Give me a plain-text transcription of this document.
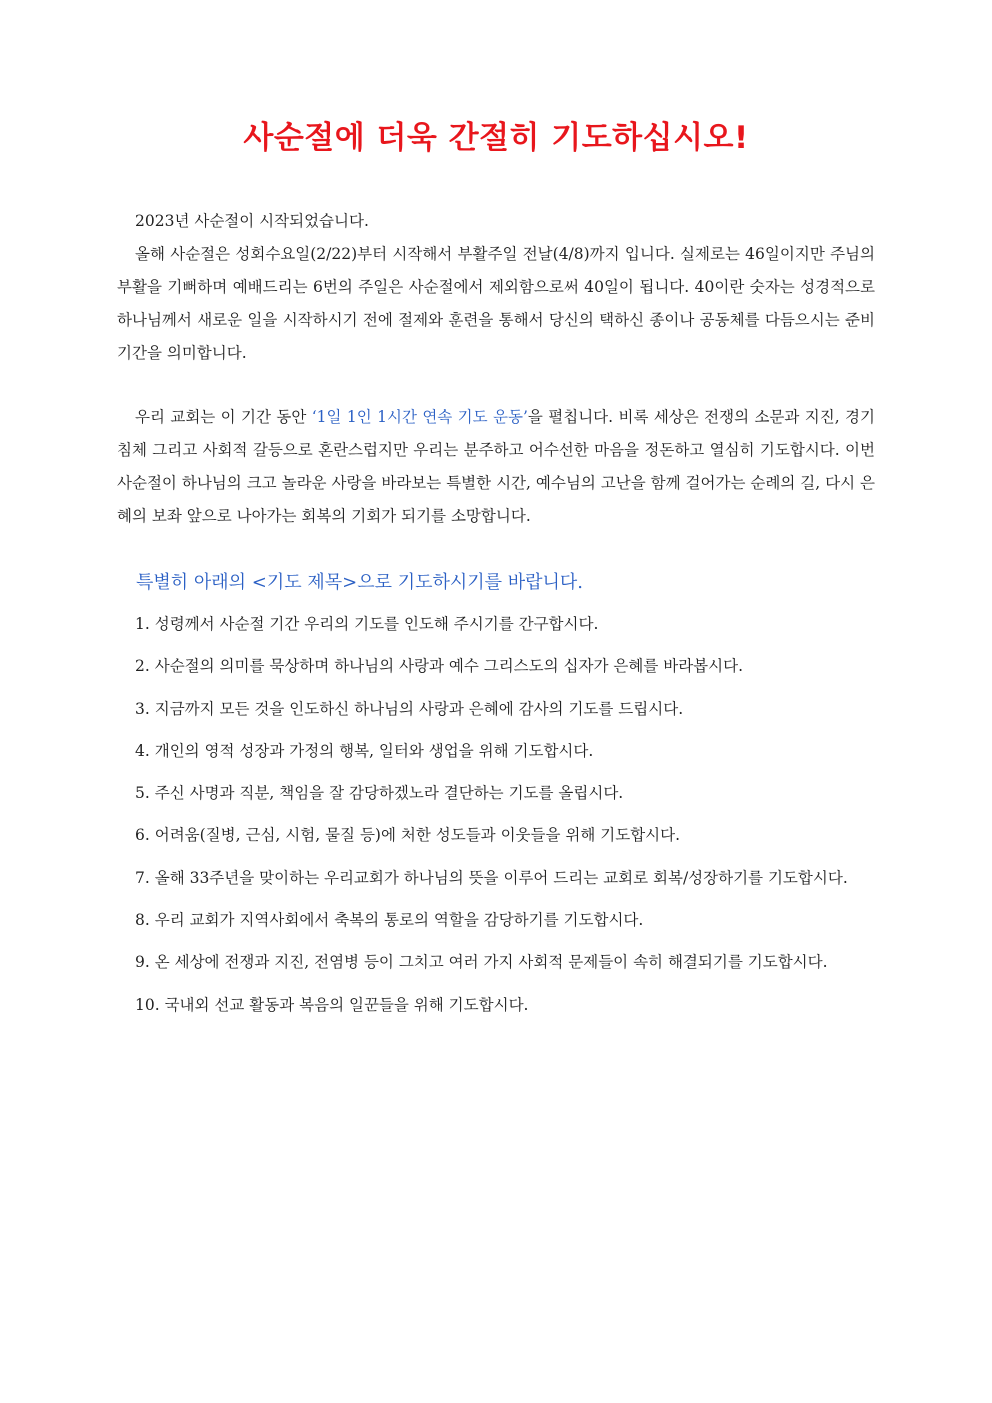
사순절에 더욱 간절히 기도하십시오!
2023년 사순절이 시작되었습니다.
올해 사순절은 성회수요일(2/22)부터 시작해서 부활주일 전날(4/8)까지 입니다. 실제로는 46일이지만 주님의 부활을 기뻐하며 예배드리는 6번의 주일은 사순절에서 제외함으로써 40일이 됩니다. 40이란 숫자는 성경적으로 하나님께서 새로운 일을 시작하시기 전에 절제와 훈련을 통해서 당신의 택하신 종이나 공동체를 다듬으시는 준비 기간을 의미합니다.
우리 교회는 이 기간 동안 ‘1일 1인 1시간 연속 기도 운동’을 펼칩니다. 비록 세상은 전쟁의 소문과 지진, 경기 침체 그리고 사회적 갈등으로 혼란스럽지만 우리는 분주하고 어수선한 마음을 정돈하고 열심히 기도합시다. 이번 사순절이 하나님의 크고 놀라운 사랑을 바라보는 특별한 시간, 예수님의 고난을 함께 걸어가는 순례의 길, 다시 은혜의 보좌 앞으로 나아가는 회복의 기회가 되기를 소망합니다.
특별히 아래의 <기도 제목>으로 기도하시기를 바랍니다.
1. 성령께서 사순절 기간 우리의 기도를 인도해 주시기를 간구합시다.
2. 사순절의 의미를 묵상하며 하나님의 사랑과 예수 그리스도의 십자가 은혜를 바라봅시다.
3. 지금까지 모든 것을 인도하신 하나님의 사랑과 은혜에 감사의 기도를 드립시다.
4. 개인의 영적 성장과 가정의 행복, 일터와 생업을 위해 기도합시다.
5. 주신 사명과 직분, 책임을 잘 감당하겠노라 결단하는 기도를 올립시다.
6. 어려움(질병, 근심, 시험, 물질 등)에 처한 성도들과 이웃들을 위해 기도합시다.
7. 올해 33주년을 맞이하는 우리교회가 하나님의 뜻을 이루어 드리는 교회로 회복/성장하기를 기도합시다.
8. 우리 교회가 지역사회에서 축복의 통로의 역할을 감당하기를 기도합시다.
9. 온 세상에 전쟁과 지진, 전염병 등이 그치고 여러 가지 사회적 문제들이 속히 해결되기를 기도합시다.
10. 국내외 선교 활동과 복음의 일꾼들을 위해 기도합시다.
